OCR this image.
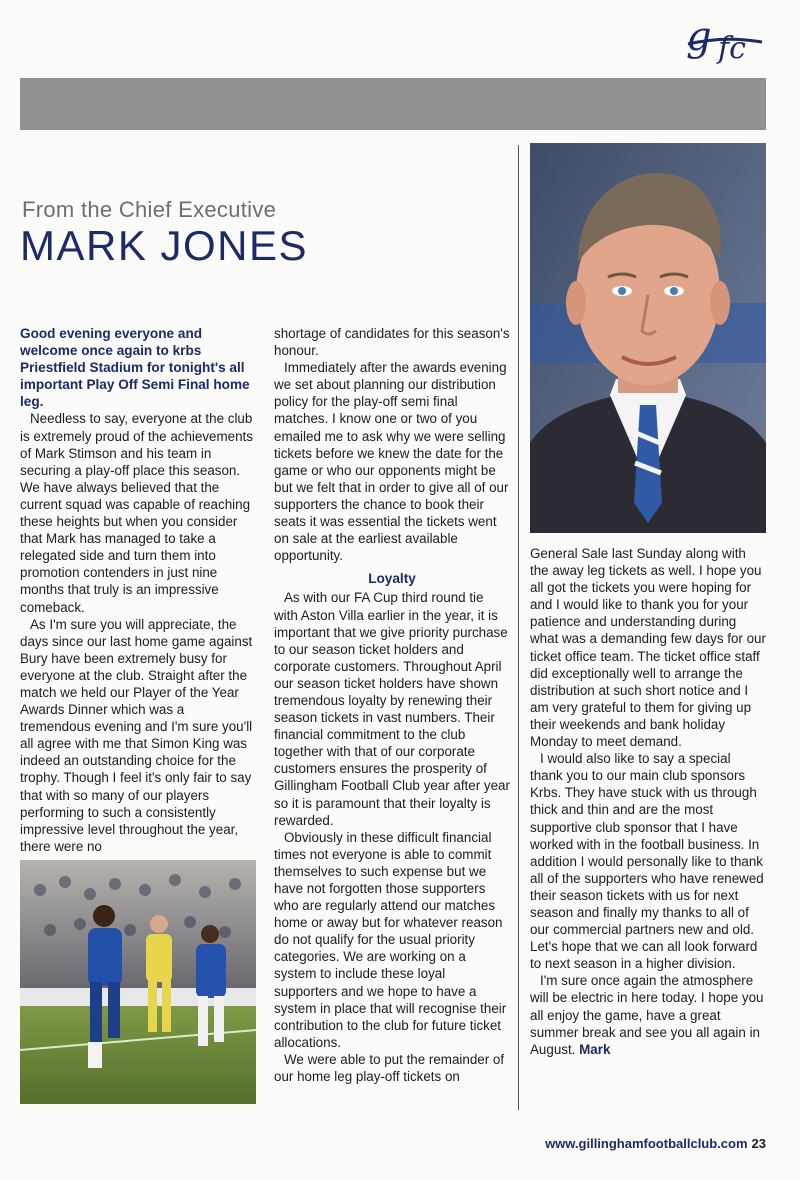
g fc
From the Chief Executive
MARK JONES

Good evening everyone and welcome once again to krbs Priestfield Stadium for tonight's all important Play Off Semi Final home leg.

Needless to say, everyone at the club is extremely proud of the achievements of Mark Stimson and his team in securing a play-off place this season. We have always believed that the current squad was capable of reaching these heights but when you consider that Mark has managed to take a relegated side and turn them into promotion contenders in just nine months that truly is an impressive comeback.

As I'm sure you will appreciate, the days since our last home game against Bury have been extremely busy for everyone at the club. Straight after the match we held our Player of the Year Awards Dinner which was a tremendous evening and I'm sure you'll all agree with me that Simon King was indeed an outstanding choice for the trophy. Though I feel it's only fair to say that with so many of our players performing to such a consistently impressive level throughout the year, there were no

shortage of candidates for this season's honour.

Immediately after the awards evening we set about planning our distribution policy for the play-off semi final matches. I know one or two of you emailed me to ask why we were selling tickets before we knew the date for the game or who our opponents might be but we felt that in order to give all of our supporters the chance to book their seats it was essential the tickets went on sale at the earliest available opportunity.

Loyalty

As with our FA Cup third round tie with Aston Villa earlier in the year, it is important that we give priority purchase to our season ticket holders and corporate customers. Throughout April our season ticket holders have shown tremendous loyalty by renewing their season tickets in vast numbers. Their financial commitment to the club together with that of our corporate customers ensures the prosperity of Gillingham Football Club year after year so it is paramount that their loyalty is rewarded.

Obviously in these difficult financial times not everyone is able to commit themselves to such expense but we have not forgotten those supporters who are regularly attend our matches home or away but for whatever reason do not qualify for the usual priority categories. We are working on a system to include these loyal supporters and we hope to have a system in place that will recognise their contribution to the club for future ticket allocations.

We were able to put the remainder of our home leg play-off tickets on

General Sale last Sunday along with the away leg tickets as well. I hope you all got the tickets you were hoping for and I would like to thank you for your patience and understanding during what was a demanding few days for our ticket office team. The ticket office staff did exceptionally well to arrange the distribution at such short notice and I am very grateful to them for giving up their weekends and bank holiday Monday to meet demand.

I would also like to say a special thank you to our main club sponsors Krbs. They have stuck with us through thick and thin and are the most supportive club sponsor that I have worked with in the football business. In addition I would personally like to thank all of the supporters who have renewed their season tickets with us for next season and finally my thanks to all of our commercial partners new and old. Let's hope that we can all look forward to next season in a higher division.

I'm sure once again the atmosphere will be electric in here today. I hope you all enjoy the game, have a great summer break and see you all again in August. Mark

www.gillinghamfootballclub.com 23
